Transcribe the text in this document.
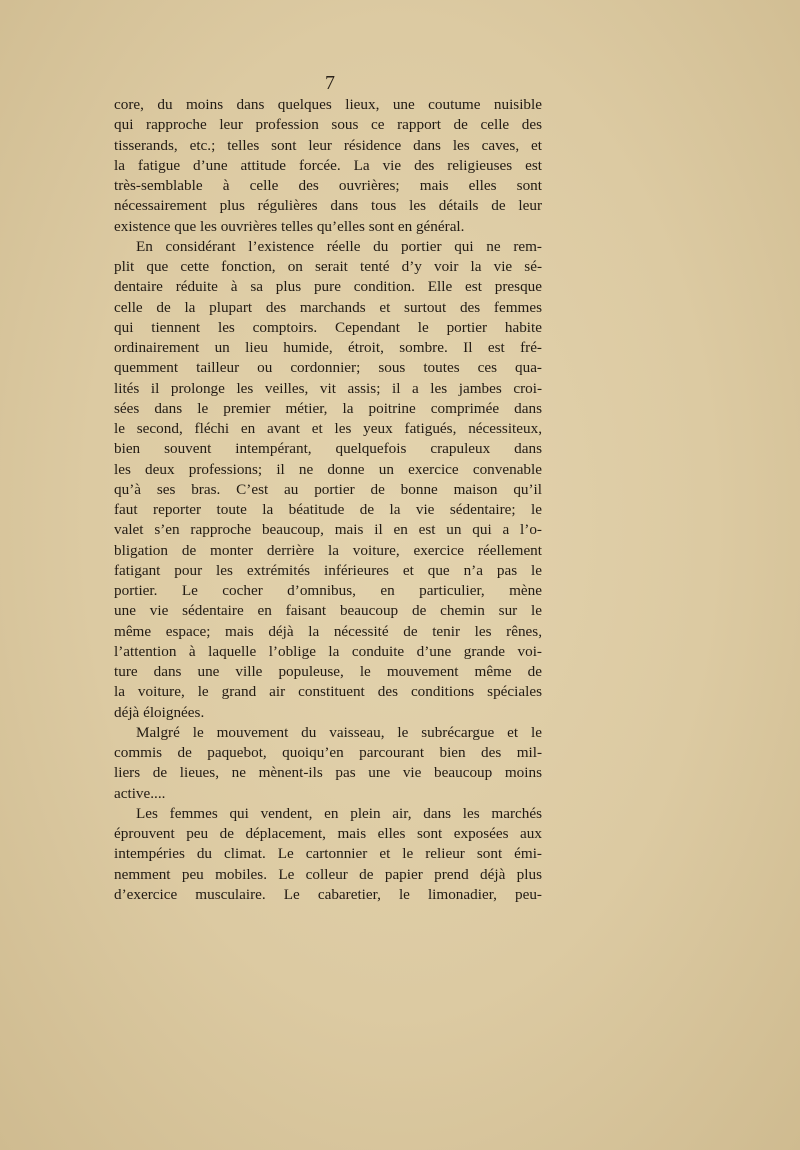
7
core, du moins dans quelques lieux, une coutume nuisible
qui rapproche leur profession sous ce rapport de celle des
tisserands, etc.; telles sont leur résidence dans les caves, et
la fatigue d’une attitude forcée. La vie des religieuses est
très-semblable à celle des ouvrières; mais elles sont
nécessairement plus régulières dans tous les détails de leur
existence que les ouvrières telles qu’elles sont en général.
En considérant l’existence réelle du portier qui ne rem-
plit que cette fonction, on serait tenté d’y voir la vie sé-
dentaire réduite à sa plus pure condition. Elle est presque
celle de la plupart des marchands et surtout des femmes
qui tiennent les comptoirs. Cependant le portier habite
ordinairement un lieu humide, étroit, sombre. Il est fré-
quemment tailleur ou cordonnier; sous toutes ces qua-
lités il prolonge les veilles, vit assis; il a les jambes croi-
sées dans le premier métier, la poitrine comprimée dans
le second, fléchi en avant et les yeux fatigués, nécessiteux,
bien souvent intempérant, quelquefois crapuleux dans
les deux professions; il ne donne un exercice convenable
qu’à ses bras. C’est au portier de bonne maison qu’il
faut reporter toute la béatitude de la vie sédentaire; le
valet s’en rapproche beaucoup, mais il en est un qui a l’o-
bligation de monter derrière la voiture, exercice réellement
fatigant pour les extrémités inférieures et que n’a pas le
portier. Le cocher d’omnibus, en particulier, mène
une vie sédentaire en faisant beaucoup de chemin sur le
même espace; mais déjà la nécessité de tenir les rênes,
l’attention à laquelle l’oblige la conduite d’une grande voi-
ture dans une ville populeuse, le mouvement même de
la voiture, le grand air constituent des conditions spéciales
déjà éloignées.
Malgré le mouvement du vaisseau, le subrécargue et le
commis de paquebot, quoiqu’en parcourant bien des mil-
liers de lieues, ne mènent-ils pas une vie beaucoup moins
active....
Les femmes qui vendent, en plein air, dans les marchés
éprouvent peu de déplacement, mais elles sont exposées aux
intempéries du climat. Le cartonnier et le relieur sont émi-
nemment peu mobiles. Le colleur de papier prend déjà plus
d’exercice musculaire. Le cabaretier, le limonadier, peu-
